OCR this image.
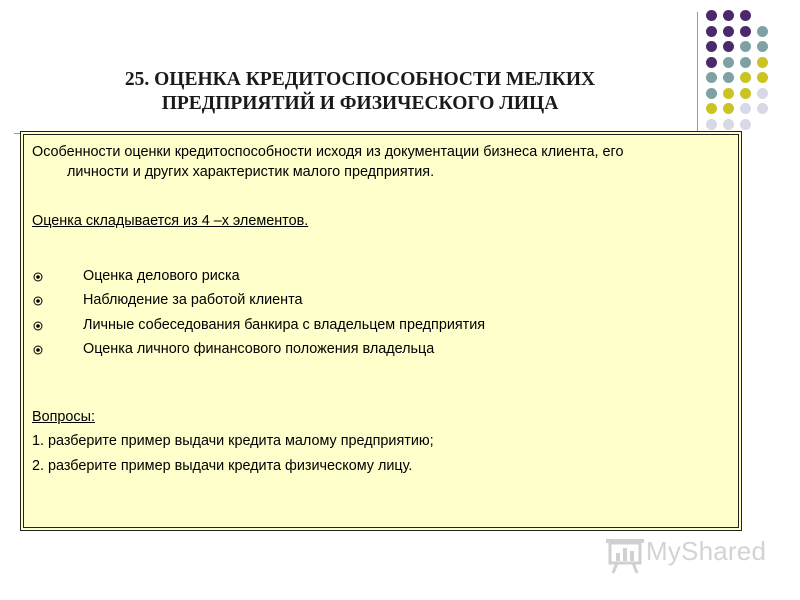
25. ОЦЕНКА КРЕДИТОСПОСОБНОСТИ МЕЛКИХ
ПРЕДПРИЯТИЙ И ФИЗИЧЕСКОГО ЛИЦА
Особенности оценки кредитоспособности исходя из документации бизнеса клиента, его
личности и других характеристик малого предприятия.
Оценка складывается из 4 –х элементов.
Оценка делового риска
Наблюдение за работой клиента
Личные собеседования банкира с владельцем предприятия
Оценка личного финансового положения владельца
Вопросы:
1. разберите пример выдачи кредита малому предприятию;
2. разберите пример выдачи кредита физическому лицу.
MyShared
